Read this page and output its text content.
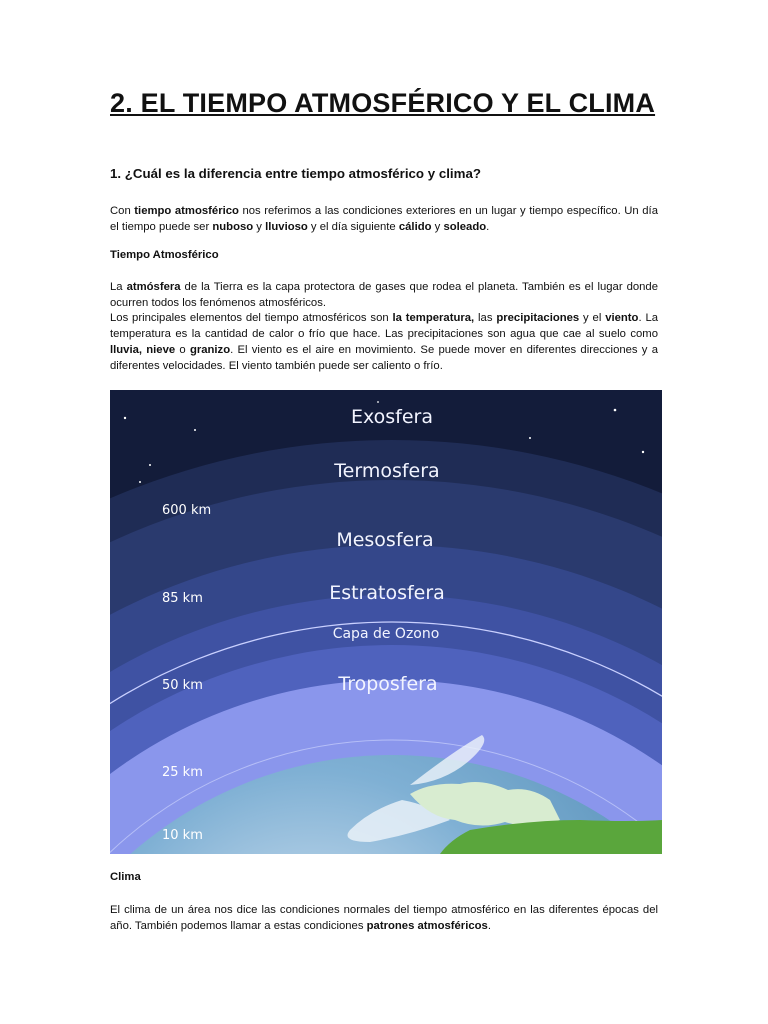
2. EL TIEMPO ATMOSFÉRICO Y EL CLIMA

1. ¿Cuál es la diferencia entre tiempo atmosférico y clima?

Con tiempo atmosférico nos referimos a las condiciones exteriores en un lugar y tiempo específico. Un día el tiempo puede ser nuboso y lluvioso y el día siguiente cálido y soleado.

Tiempo Atmosférico

La atmósfera de la Tierra es la capa protectora de gases que rodea el planeta. También es el lugar donde ocurren todos los fenómenos atmosféricos.

Los principales elementos del tiempo atmosféricos son la temperatura, las precipitaciones y el viento. La temperatura es la cantidad de calor o frío que hace. Las precipitaciones son agua que cae al suelo como lluvia, nieve o granizo. El viento es el aire en movimiento. Se puede mover en diferentes direcciones y a diferentes velocidades. El viento también puede ser caliento o frío.

Exosfera
Termosfera
Mesosfera
Estratosfera
Capa de Ozono
Troposfera
600 km
85 km
50 km
25 km
10 km

Clima

El clima de un área nos dice las condiciones normales del tiempo atmosférico en las diferentes épocas del año. También podemos llamar a estas condiciones patrones atmosféricos.
